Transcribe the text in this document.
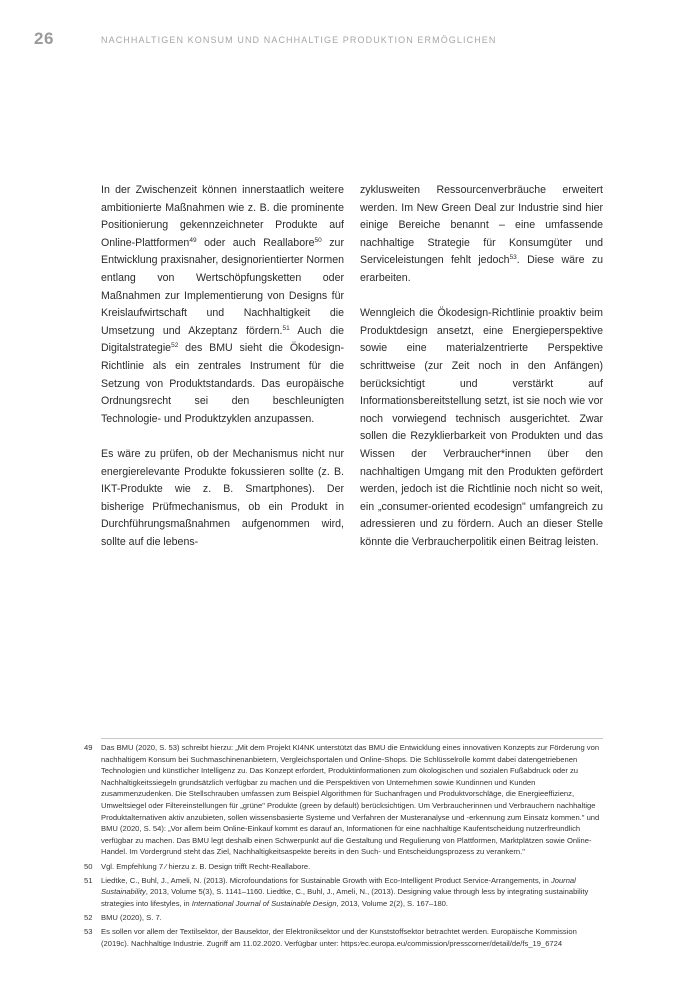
26	NACHHALTIGEN KONSUM UND NACHHALTIGE PRODUKTION ERMÖGLICHEN

In der Zwischenzeit können innerstaatlich weitere ambitionierte Maßnahmen wie z. B. die prominente Positionierung gekennzeichneter Produkte auf Online-Plattformen$^{49}$ oder auch Reallabore$^{50}$ zur Entwicklung praxisnaher, designorientierter Normen entlang von Wertschöpfungsketten oder Maßnahmen zur Implementierung von Designs für Kreislaufwirtschaft und Nachhaltigkeit die Umsetzung und Akzeptanz fördern.$^{51}$ Auch die Digitalstrategie$^{52}$ des BMU sieht die Ökodesign-Richtlinie als ein zentrales Instrument für die Setzung von Produktstandards. Das europäische Ordnungsrecht sei den beschleunigten Technologie- und Produktzyklen anzupassen.

Es wäre zu prüfen, ob der Mechanismus nicht nur energierelevante Produkte fokussieren sollte (z. B. IKT-Produkte wie z. B. Smartphones). Der bisherige Prüfmechanismus, ob ein Produkt in Durchführungsmaßnahmen aufgenommen wird, sollte auf die lebens-

zyklusweiten Ressourcenverbräuche erweitert werden. Im New Green Deal zur Industrie sind hier einige Bereiche benannt – eine umfassende nachhaltige Strategie für Konsumgüter und Serviceleistungen fehlt jedoch$^{53}$. Diese wäre zu erarbeiten.

Wenngleich die Ökodesign-Richtlinie proaktiv beim Produktdesign ansetzt, eine Energieperspektive sowie eine materialzentrierte Perspektive schrittweise (zur Zeit noch in den Anfängen) berücksichtigt und verstärkt auf Informationsbereitstellung setzt, ist sie noch wie vor noch vorwiegend technisch ausgerichtet. Zwar sollen die Rezyklierbarkeit von Produkten und das Wissen der Verbraucher*innen über den nachhaltigen Umgang mit den Produkten gefördert werden, jedoch ist die Richtlinie noch nicht so weit, ein „consumer-oriented ecodesign" umfangreich zu adressieren und zu fördern. Auch an dieser Stelle könnte die Verbraucherpolitik einen Beitrag leisten.

49	Das BMU (2020, S. 53) schreibt hierzu: „Mit dem Projekt KI4NK unterstützt das BMU die Entwicklung eines innovativen Konzepts zur Förderung von nachhaltigem Konsum bei Suchmaschinenanbietern, Vergleichsportalen und Online-Shops. Die Schlüsselrolle kommt dabei datengetriebenen Technologien und künstlicher Intelligenz zu. Das Konzept erfordert, Produktinformationen zum ökologischen und sozialen Fußabdruck oder zu Nachhaltigkeitssiegeln grundsätzlich verfügbar zu machen und die Perspektiven von Unternehmen sowie Kundinnen und Kunden zusammenzudenken. Die Stellschrauben umfassen zum Beispiel Algorithmen für Suchanfragen und Produktvorschläge, die Energieeffizienz, Umweltsiegel oder Filtereinstellungen für „grüne" Produkte (green by default) berücksichtigen. Um Verbraucherinnen und Verbrauchern nachhaltige Produktalternativen aktiv anzubieten, sollen wissensbasierte Systeme und Verfahren der Musteranalyse und -erkennung zum Einsatz kommen." und BMU (2020, S. 54): „Vor allem beim Online-Einkauf kommt es darauf an, Informationen für eine nachhaltige Kaufentscheidung nutzerfreundlich verfügbar zu machen. Das BMU legt deshalb einen Schwerpunkt auf die Gestaltung und Regulierung von Plattformen, Marktplätzen sowie Online-Handel. Im Vordergrund steht das Ziel, Nachhaltigkeitsaspekte bereits in den Such- und Entscheidungsprozess zu verankern."
50	Vgl. Empfehlung 7 ⁄ hierzu z. B. Design trifft Recht-Reallabore.
51	Liedtke, C., Buhl, J., Ameli, N. (2013). Microfoundations for Sustainable Growth with Eco-Intelligent Product Service-Arrangements, in Journal Sustainability, 2013, Volume 5(3), S. 1141–1160. Liedtke, C., Buhl, J., Ameli, N., (2013). Designing value through less by integrating sustainability strategies into lifestyles, in International Journal of Sustainable Design, 2013, Volume 2(2), S. 167–180.
52	BMU (2020), S. 7.
53	Es sollen vor allem der Textilsektor, der Bausektor, der Elektroniksektor und der Kunststoffsektor betrachtet werden. Europäische Kommission (2019c). Nachhaltige Industrie. Zugriff am 11.02.2020. Verfügbar unter: https:⁄ec.europa.eu/commission/presscorner/detail/de/fs_19_6724
